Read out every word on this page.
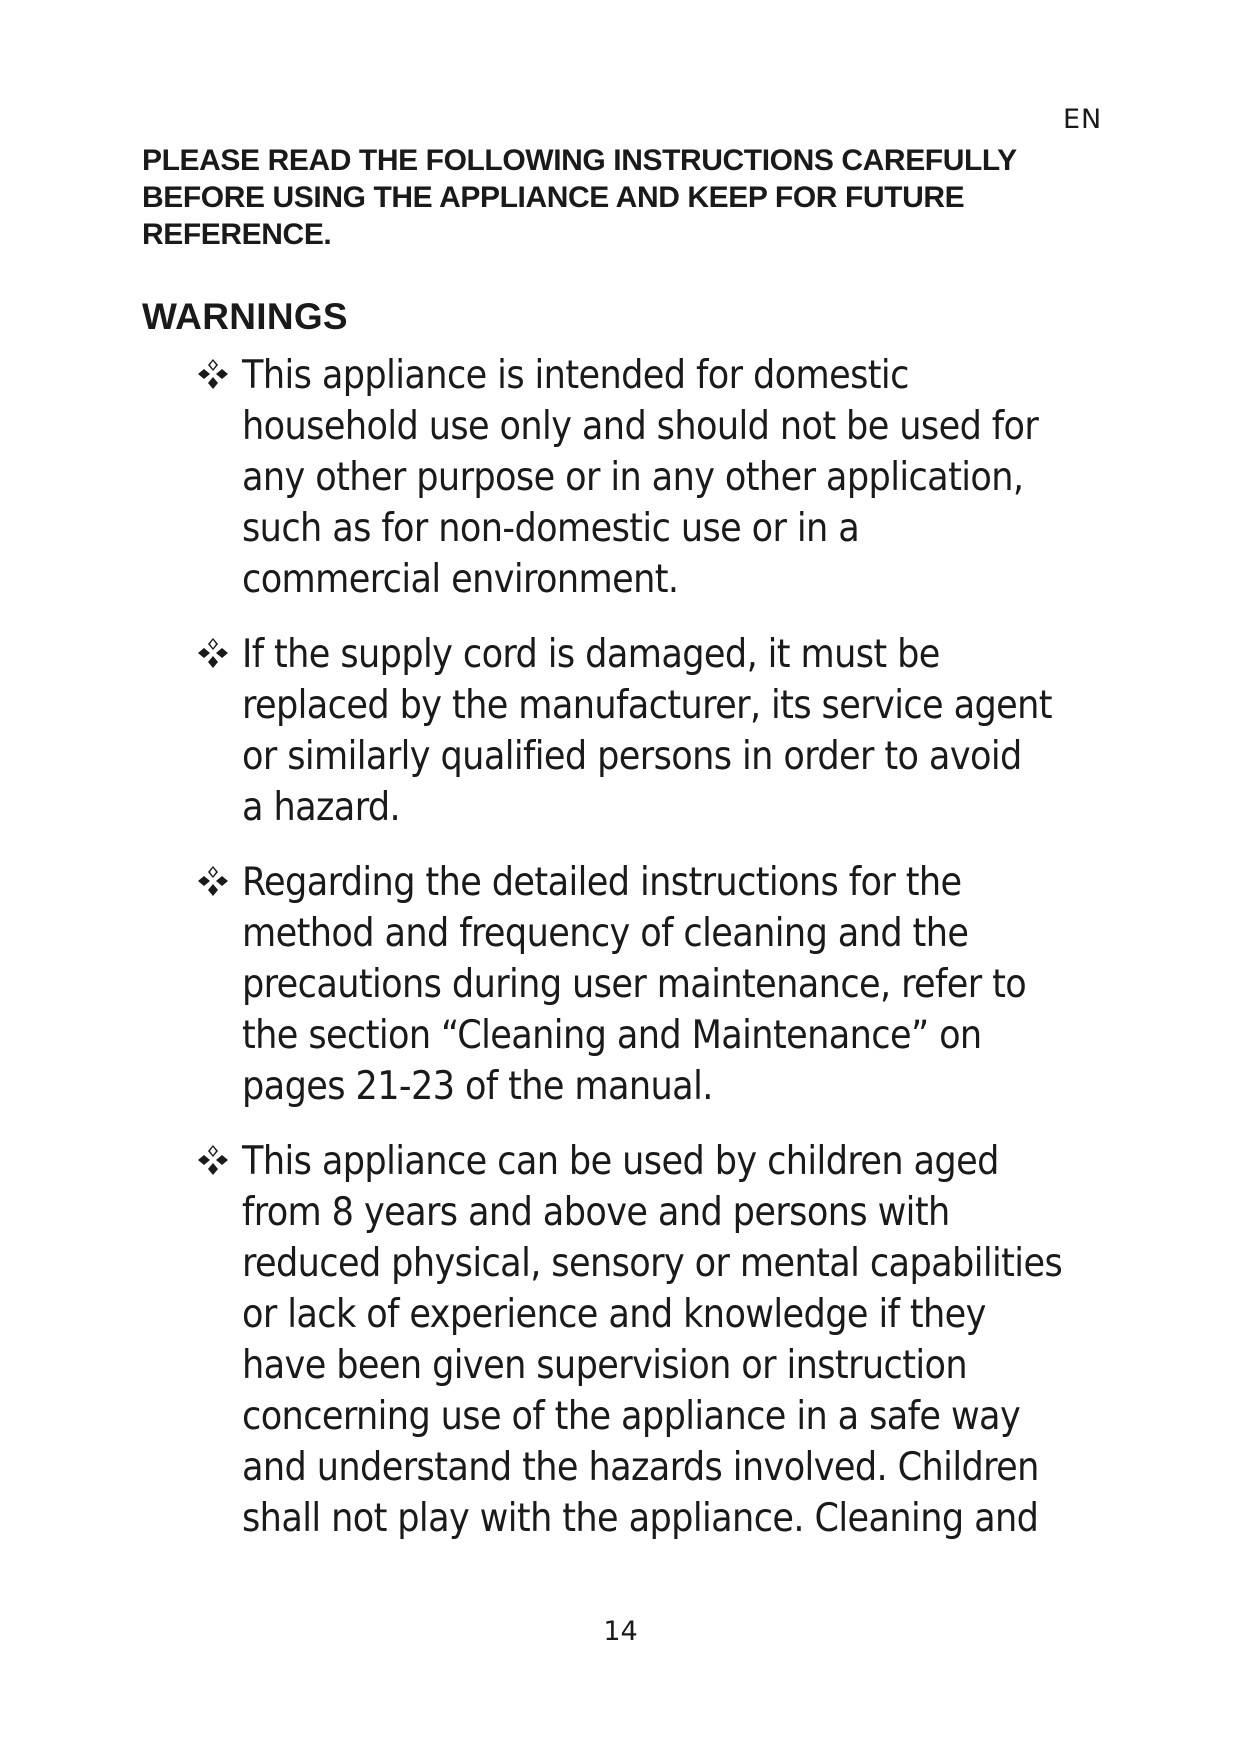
EN

PLEASE READ THE FOLLOWING INSTRUCTIONS CAREFULLY
BEFORE USING THE APPLIANCE AND KEEP FOR FUTURE
REFERENCE.

WARNINGS

This appliance is intended for domestic
household use only and should not be used for
any other purpose or in any other application,
such as for non-domestic use or in a
commercial environment.

If the supply cord is damaged, it must be
replaced by the manufacturer, its service agent
or similarly qualified persons in order to avoid
a hazard.

Regarding the detailed instructions for the
method and frequency of cleaning and the
precautions during user maintenance, refer to
the section “Cleaning and Maintenance” on
pages 21-23 of the manual.

This appliance can be used by children aged
from 8 years and above and persons with
reduced physical, sensory or mental capabilities
or lack of experience and knowledge if they
have been given supervision or instruction
concerning use of the appliance in a safe way
and understand the hazards involved. Children
shall not play with the appliance. Cleaning and

14
